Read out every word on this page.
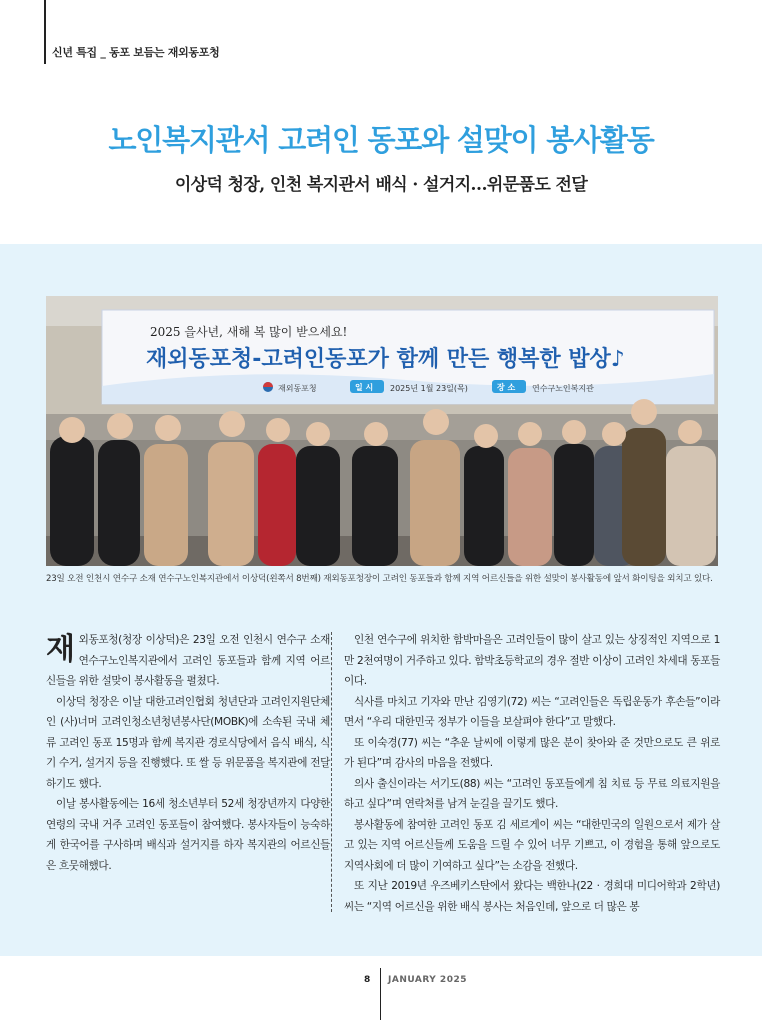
신년 특집 _ 동포 보듬는 재외동포청
노인복지관서 고려인 동포와 설맞이 봉사활동
이상덕 청장, 인천 복지관서 배식 · 설거지…위문품도 전달
2025 을사년, 새해 복 많이 받으세요!
재외동포청-고려인동포가 함께 만든 행복한 밥상♪
재외동포청	일 시 2025년 1월 23일(목)	장 소 연수구노인복지관

23일 오전 인천시 연수구 소재 연수구노인복지관에서 이상덕(왼쪽서 8번째) 재외동포청장이 고려인 동포들과 함께 지역 어르신들을 위한 설맞이 봉사활동에 앞서 화이팅을 외치고 있다.

재외동포청(청장 이상덕)은 23일 오전 인천시 연수구 소재 연수구노인복지관에서 고려인 동포들과 함께 지역 어르신들을 위한 설맞이 봉사활동을 펼쳤다.

이상덕 청장은 이날 대한고려인협회 청년단과 고려인지원단체인 (사)너머 고려인청소년청년봉사단(MOBK)에 소속된 국내 체류 고려인 동포 15명과 함께 복지관 경로식당에서 음식 배식, 식기 수거, 설거지 등을 진행했다. 또 쌀 등 위문품을 복지관에 전달하기도 했다.

이날 봉사활동에는 16세 청소년부터 52세 청장년까지 다양한 연령의 국내 거주 고려인 동포들이 참여했다. 봉사자들이 능숙하게 한국어를 구사하며 배식과 설거지를 하자 복지관의 어르신들은 흐뭇해했다.

인천 연수구에 위치한 함박마을은 고려인들이 많이 살고 있는 상징적인 지역으로 1만 2천여명이 거주하고 있다. 함박초등학교의 경우 절반 이상이 고려인 차세대 동포들이다.

식사를 마치고 기자와 만난 김영기(72) 씨는 “고려인들은 독립운동가 후손들”이라면서 “우리 대한민국 정부가 이들을 보살펴야 한다”고 말했다.

또 이숙경(77) 씨는 “추운 날씨에 이렇게 많은 분이 찾아와 준 것만으로도 큰 위로가 된다”며 감사의 마음을 전했다.

의사 출신이라는 서기도(88) 씨는 “고려인 동포들에게 침 치료 등 무료 의료지원을 하고 싶다”며 연락처를 남겨 눈길을 끌기도 했다.

봉사활동에 참여한 고려인 동포 김 세르게이 씨는 “대한민국의 일원으로서 제가 살고 있는 지역 어르신들께 도움을 드릴 수 있어 너무 기쁘고, 이 경험을 통해 앞으로도 지역사회에 더 많이 기여하고 싶다”는 소감을 전했다.

또 지난 2019년 우즈베키스탄에서 왔다는 백한나(22 · 경희대 미디어학과 2학년) 씨는 “지역 어르신을 위한 배식 봉사는 처음인데, 앞으로 더 많은 봉

8 JANUARY 2025
